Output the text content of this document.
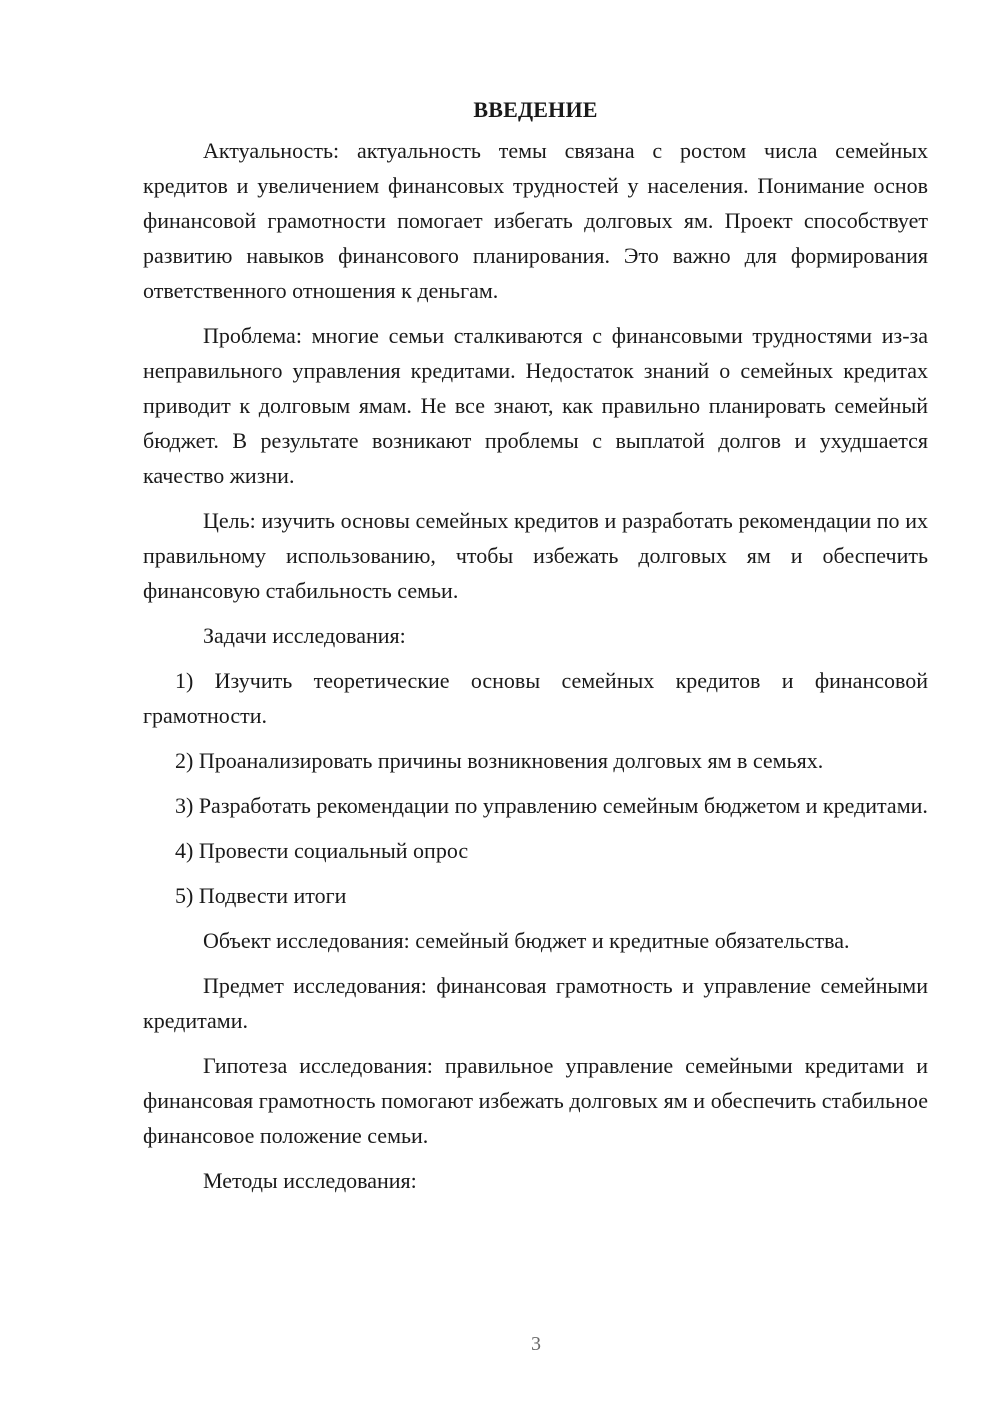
ВВЕДЕНИЕ

Актуальность: актуальность темы связана с ростом числа семейных кредитов и увеличением финансовых трудностей у населения. Понимание основ финансовой грамотности помогает избегать долговых ям. Проект способствует развитию навыков финансового планирования. Это важно для формирования ответственного отношения к деньгам.

Проблема: многие семьи сталкиваются с финансовыми трудностями из-за неправильного управления кредитами. Недостаток знаний о семейных кредитах приводит к долговым ямам. Не все знают, как правильно планировать семейный бюджет. В результате возникают проблемы с выплатой долгов и ухудшается качество жизни.

Цель: изучить основы семейных кредитов и разработать рекомендации по их правильному использованию, чтобы избежать долговых ям и обеспечить финансовую стабильность семьи.

Задачи исследования:

1) Изучить теоретические основы семейных кредитов и финансовой грамотности.

2) Проанализировать причины возникновения долговых ям в семьях.

3) Разработать рекомендации по управлению семейным бюджетом и кредитами.

4) Провести социальный опрос

5) Подвести итоги

Объект исследования: семейный бюджет и кредитные обязательства.

Предмет исследования: финансовая грамотность и управление семейными кредитами.

Гипотеза исследования: правильное управление семейными кредитами и финансовая грамотность помогают избежать долговых ям и обеспечить стабильное финансовое положение семьи.

Методы исследования:

3
